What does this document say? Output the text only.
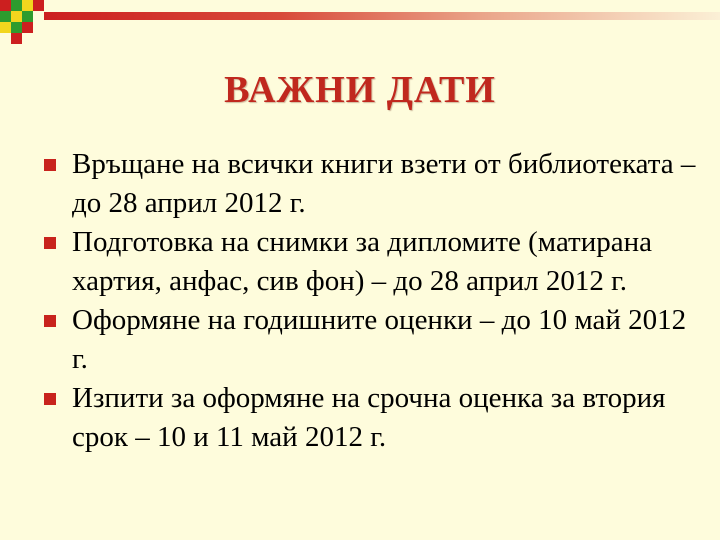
ВАЖНИ ДАТИ
Връщане на всички книги взети от библиотеката – до 28 април 2012 г.
Подготовка на снимки за дипломите (матирана хартия, анфас, сив фон) – до 28 април 2012 г.
Оформяне на годишните оценки – до 10 май 2012 г.
Изпити за оформяне на срочна оценка за втория срок – 10 и 11 май 2012 г.
